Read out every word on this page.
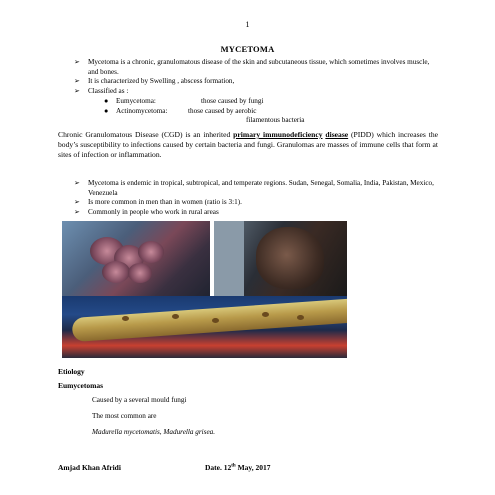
1
MYCETOMA
➢	Mycetoma is a chronic, granulomatous disease of the skin and subcutaneous tissue, which sometimes involves muscle, and bones.
➢	It is characterized by Swelling , abscess formation,
➢	Classified as :
●	Eumycetoma:	those caused by fungi
●	Actinomycetoma:	those caused by aerobic
filamentous bacteria
Chronic Granulomatous Disease (CGD) is an inherited primary immunodeficiency disease (PIDD) which increases the body’s susceptibility to infections caused by certain bacteria and fungi. Granulomas are masses of immune cells that form at sites of infection or inflammation.
➢	Mycetoma is endemic in tropical, subtropical, and temperate regions. Sudan, Senegal, Somalia, India, Pakistan, Mexico, Venezuela
➢	Is more common in men than in women (ratio is 3:1).
➢	Commonly in people who work in rural areas
Etiology
Eumycetomas
Caused by a several mould fungi
The most common are
Madurella mycetomatis, Madurella grisea.
Amjad Khan Afridi	Date. 12th May, 2017
